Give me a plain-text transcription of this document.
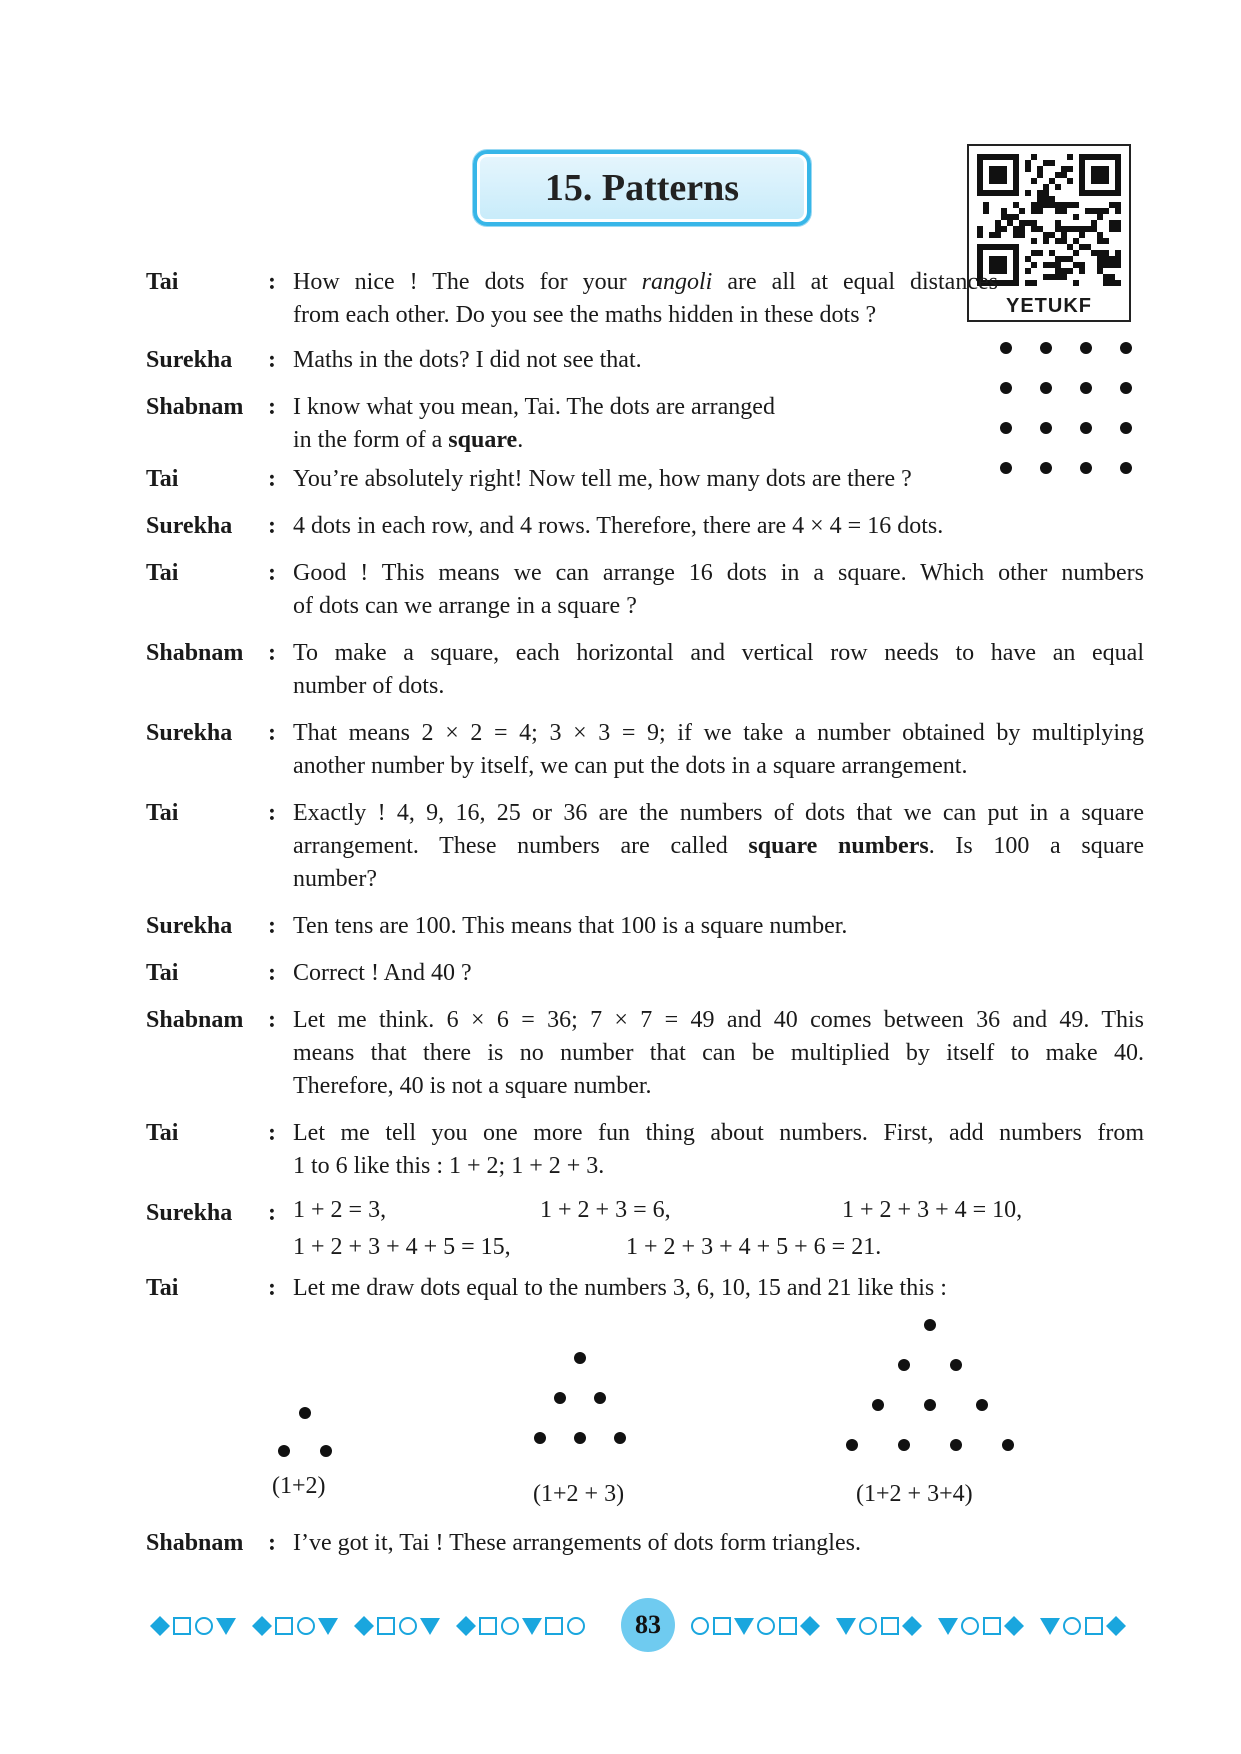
15. Patterns
YETUKF
Tai	: How nice ! The dots for your rangoli are all at equal distances
from each other. Do you see the maths hidden in these dots ?
Surekha : Maths in the dots? I did not see that.
Shabnam : I know what you mean, Tai. The dots are arranged
in the form of a square.
Tai	: You’re absolutely right! Now tell me, how many dots are there ?
Surekha : 4 dots in each row, and 4 rows. Therefore, there are 4 × 4 = 16 dots.
Tai	: Good ! This means we can arrange 16 dots in a square. Which other numbers
of dots can we arrange in a square ?
Shabnam : To make a square, each horizontal and vertical row needs to have an equal
number of dots.
Surekha : That means 2 × 2 = 4; 3 × 3 = 9; if we take a number obtained by multiplying
another number by itself, we can put the dots in a square arrangement.
Tai	: Exactly ! 4, 9, 16, 25 or 36 are the numbers of dots that we can put in a square
arrangement. These numbers are called square numbers. Is 100 a square
number?
Surekha : Ten tens are 100. This means that 100 is a square number.
Tai	: Correct ! And 40 ?
Shabnam : Let me think. 6 × 6 = 36; 7 × 7 = 49 and 40 comes between 36 and 49. This
means that there is no number that can be multiplied by itself to make 40.
Therefore, 40 is not a square number.
Tai	: Let me tell you one more fun thing about numbers. First, add numbers from
1 to 6 like this : 1 + 2; 1 + 2 + 3.
Surekha : 1 + 2 = 3,	1 + 2 + 3 = 6,	1 + 2 + 3 + 4 = 10,
1 + 2 + 3 + 4 + 5 = 15,	1 + 2 + 3 + 4 + 5 + 6 = 21.
Tai	: Let me draw dots equal to the numbers 3, 6, 10, 15 and 21 like this :
(1+2)	(1+2 + 3)	(1+2 + 3+4)
Shabnam : I’ve got it, Tai ! These arrangements of dots form triangles.
83
